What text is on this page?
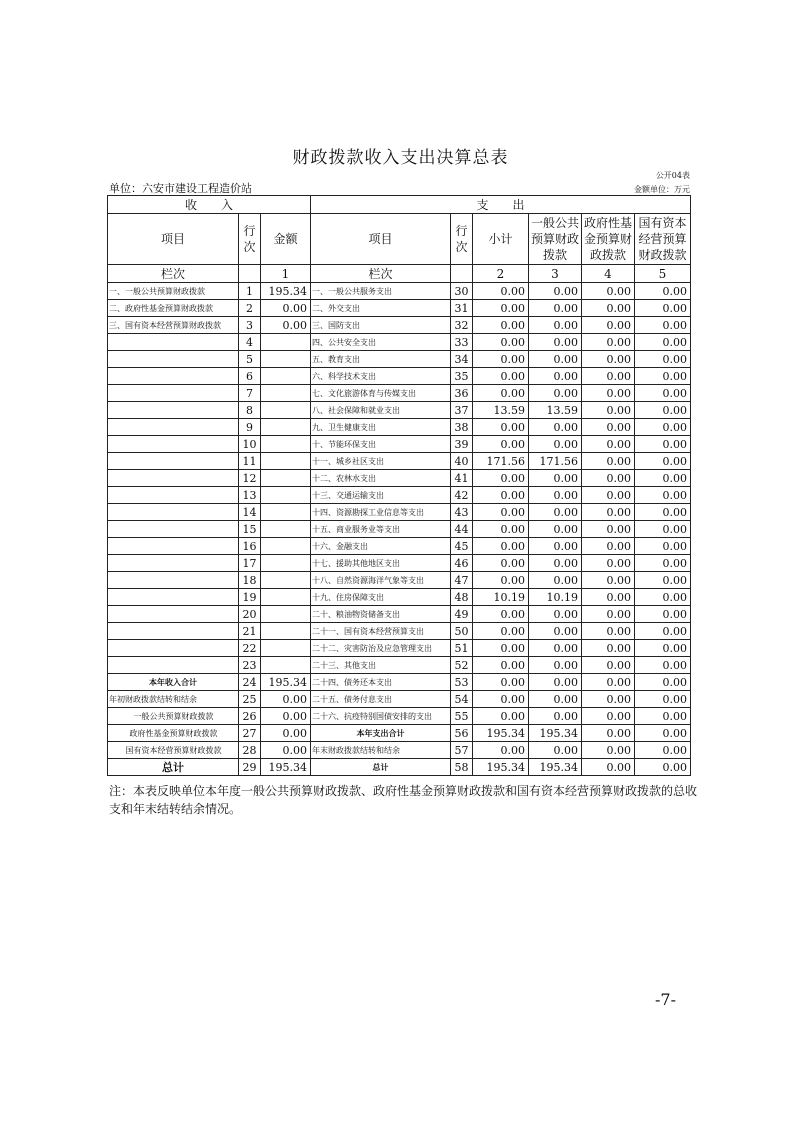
财政拨款收入支出决算总表
公开04表
单位：六安市建设工程造价站	金额单位：万元
收　　入			支　　出					
项目	行次	金额	项目	行次	小计	一般公共预算财政拨款	政府性基金预算财政拨款	国有资本经营预算财政拨款
栏次		1	栏次		2	3	4	5
一、一般公共预算财政拨款	1	195.34	一、一般公共服务支出	30	0.00	0.00	0.00	0.00
二、政府性基金预算财政拨款	2	0.00	二、外交支出	31	0.00	0.00	0.00	0.00
三、国有资本经营预算财政拨款	3	0.00	三、国防支出	32	0.00	0.00	0.00	0.00
	4		四、公共安全支出	33	0.00	0.00	0.00	0.00
	5		五、教育支出	34	0.00	0.00	0.00	0.00
	6		六、科学技术支出	35	0.00	0.00	0.00	0.00
	7		七、文化旅游体育与传媒支出	36	0.00	0.00	0.00	0.00
	8		八、社会保障和就业支出	37	13.59	13.59	0.00	0.00
	9		九、卫生健康支出	38	0.00	0.00	0.00	0.00
	10		十、节能环保支出	39	0.00	0.00	0.00	0.00
	11		十一、城乡社区支出	40	171.56	171.56	0.00	0.00
	12		十二、农林水支出	41	0.00	0.00	0.00	0.00
	13		十三、交通运输支出	42	0.00	0.00	0.00	0.00
	14		十四、资源勘探工业信息等支出	43	0.00	0.00	0.00	0.00
	15		十五、商业服务业等支出	44	0.00	0.00	0.00	0.00
	16		十六、金融支出	45	0.00	0.00	0.00	0.00
	17		十七、援助其他地区支出	46	0.00	0.00	0.00	0.00
	18		十八、自然资源海洋气象等支出	47	0.00	0.00	0.00	0.00
	19		十九、住房保障支出	48	10.19	10.19	0.00	0.00
	20		二十、粮油物资储备支出	49	0.00	0.00	0.00	0.00
	21		二十一、国有资本经营预算支出	50	0.00	0.00	0.00	0.00
	22		二十二、灾害防治及应急管理支出	51	0.00	0.00	0.00	0.00
	23		二十三、其他支出	52	0.00	0.00	0.00	0.00
本年收入合计	24	195.34	二十四、债务还本支出	53	0.00	0.00	0.00	0.00
年初财政拨款结转和结余	25	0.00	二十五、债务付息支出	54	0.00	0.00	0.00	0.00
一般公共预算财政拨款	26	0.00	二十六、抗疫特别国债安排的支出	55	0.00	0.00	0.00	0.00
政府性基金预算财政拨款	27	0.00	本年支出合计	56	195.34	195.34	0.00	0.00
国有资本经营预算财政拨款	28	0.00	年末财政拨款结转和结余	57	0.00	0.00	0.00	0.00
总计	29	195.34	总计	58	195.34	195.34	0.00	0.00
注：本表反映单位本年度一般公共预算财政拨款、政府性基金预算财政拨款和国有资本经营预算财政拨款的总收支和年末结转结余情况。
-7-
